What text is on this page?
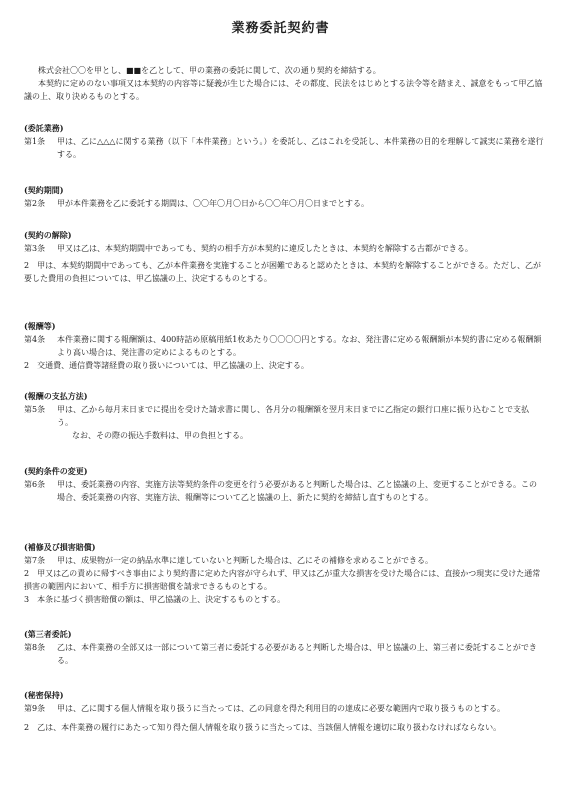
業務委託契約書

株式会社〇〇を甲とし、■■を乙として、甲の業務の委託に関して、次の通り契約を締結する。

本契約に定めのない事項又は本契約の内容等に疑義が生じた場合には、その都度、民法をはじめとする法令等を踏まえ、誠意をもって甲乙協議の上、取り決めるものとする。

(委託業務)

第1条 甲は、乙に△△△に関する業務（以下「本件業務」という。）を委託し、乙はこれを受託し、本件業務の目的を理解して誠実に業務を遂行する。

(契約期間)

第2条 甲が本件業務を乙に委託する期間は、〇〇年〇月〇日から〇〇年〇月〇日までとする。

(契約の解除)

第3条 甲又は乙は、本契約期間中であっても、契約の相手方が本契約に違反したときは、本契約を解除する古都ができる。

2　甲は、本契約期間中であっても、乙が本件業務を実施することが困難であると認めたときは、本契約を解除することができる。ただし、乙が要した費用の負担については、甲乙協議の上、決定するものとする。

(報酬等)

第4条 本件業務に関する報酬額は、400時詰め原稿用紙1枚あたり〇〇〇〇円とする。なお、発注書に定める報酬額が本契約書に定める報酬額より高い場合は、発注書の定めによるものとする。

2　交通費、通信費等諸経費の取り扱いについては、甲乙協議の上、決定する。

(報酬の支払方法)

第5条 甲は、乙から毎月末日までに提出を受けた請求書に関し、各月分の報酬額を翌月末日までに乙指定の銀行口座に振り込むことで支払う。

なお、その際の振込手数料は、甲の負担とする。

(契約条件の変更)

第6条 甲は、委託業務の内容、実施方法等契約条件の変更を行う必要があると判断した場合は、乙と協議の上、変更することができる。この場合、委託業務の内容、実施方法、報酬等について乙と協議の上、新たに契約を締結し直すものとする。

(補修及び損害賠償)

第7条 甲は、成果物が一定の納品水準に達していないと判断した場合は、乙にその補修を求めることができる。

2　甲又は乙の責めに帰すべき事由により契約書に定めた内容が守られず、甲又は乙が重大な損害を受けた場合には、直接かつ現実に受けた通常損害の範囲内において、相手方に損害賠償を請求できるものとする。

3　本条に基づく損害賠償の額は、甲乙協議の上、決定するものとする。

(第三者委託)

第8条 乙は、本件業務の全部又は一部について第三者に委託する必要があると判断した場合は、甲と協議の上、第三者に委託することができる。

(秘密保持)

第9条 甲は、乙に関する個人情報を取り扱うに当たっては、乙の同意を得た利用目的の達成に必要な範囲内で取り扱うものとする。

2　乙は、本件業務の履行にあたって知り得た個人情報を取り扱うに当たっては、当該個人情報を適切に取り扱わなければならない。
